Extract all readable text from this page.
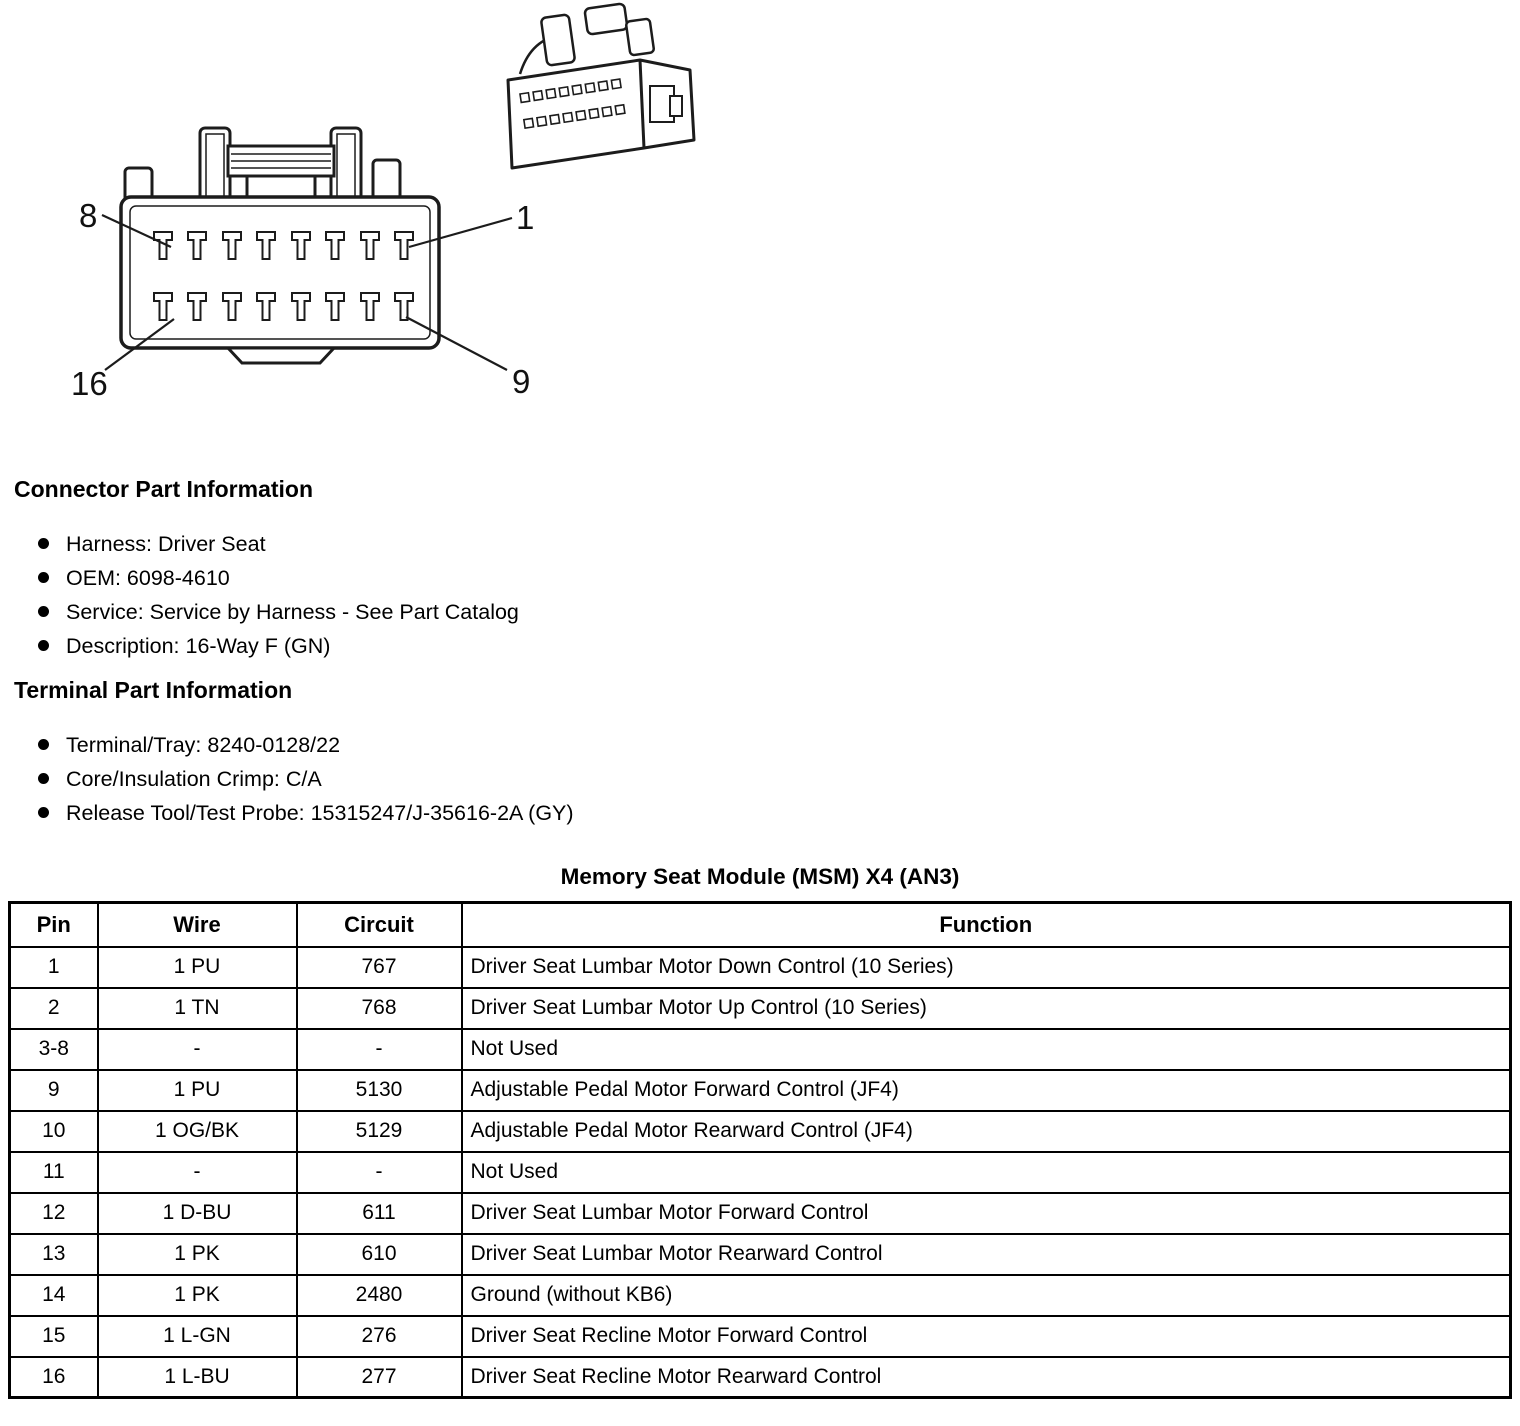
8	1
16	9
Connector Part Information
Harness: Driver Seat
OEM: 6098-4610
Service: Service by Harness - See Part Catalog
Description: 16-Way F (GN)
Terminal Part Information
Terminal/Tray: 8240-0128/22
Core/Insulation Crimp: C/A
Release Tool/Test Probe: 15315247/J-35616-2A (GY)
Memory Seat Module (MSM) X4 (AN3)
Pin	Wire	Circuit	Function
1	1 PU	767	Driver Seat Lumbar Motor Down Control (10 Series)
2	1 TN	768	Driver Seat Lumbar Motor Up Control (10 Series)
3-8	-	-	Not Used
9	1 PU	5130	Adjustable Pedal Motor Forward Control (JF4)
10	1 OG/BK	5129	Adjustable Pedal Motor Rearward Control (JF4)
11	-	-	Not Used
12	1 D-BU	611	Driver Seat Lumbar Motor Forward Control
13	1 PK	610	Driver Seat Lumbar Motor Rearward Control
14	1 PK	2480	Ground (without KB6)
15	1 L-GN	276	Driver Seat Recline Motor Forward Control
16	1 L-BU	277	Driver Seat Recline Motor Rearward Control
